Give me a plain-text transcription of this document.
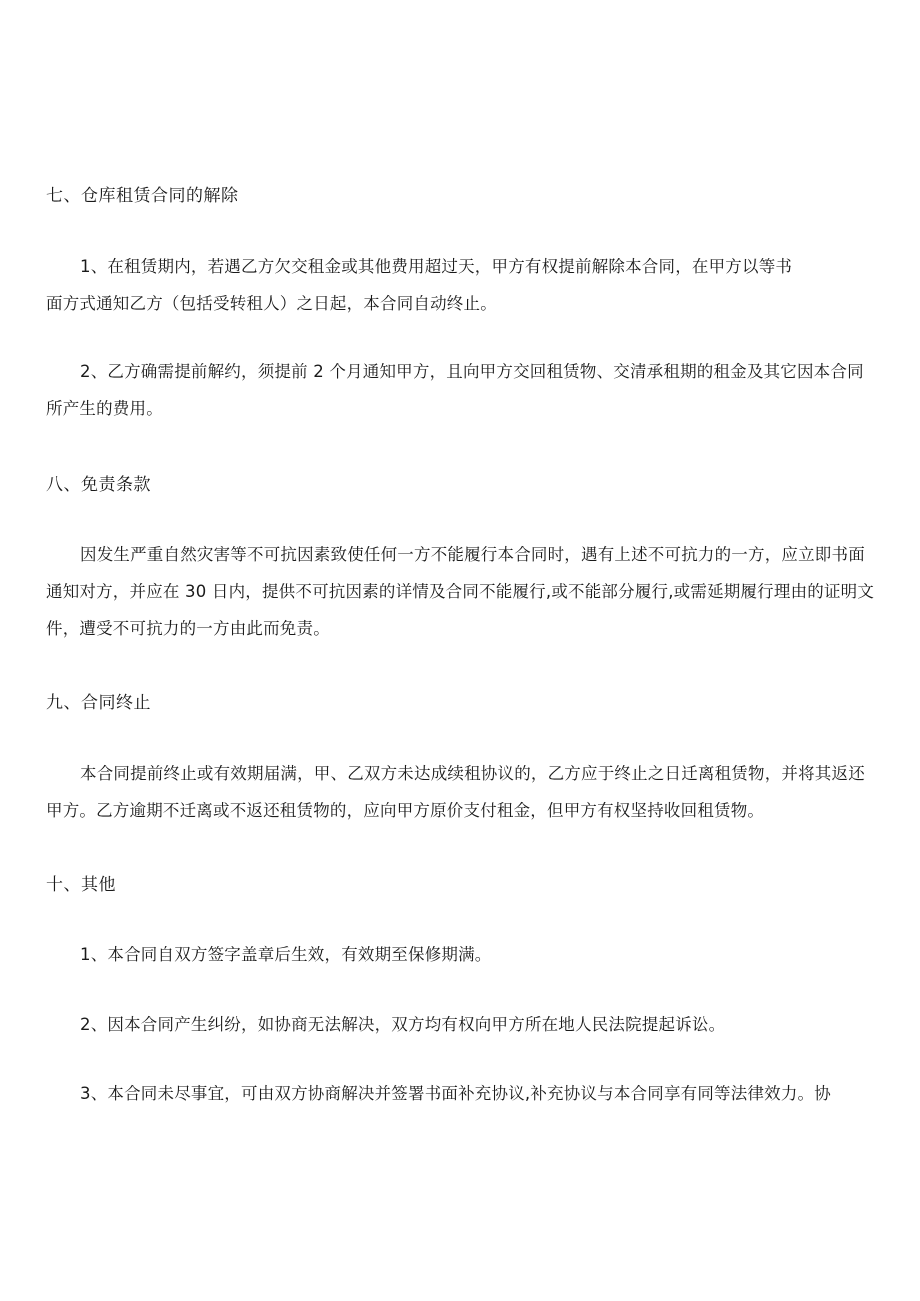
七、仓库租赁合同的解除
1、在租赁期内，若遇乙方欠交租金或其他费用超过天，甲方有权提前解除本合同，在甲方以等书
面方式通知乙方（包括受转租人）之日起，本合同自动终止。
2、乙方确需提前解约，须提前 2 个月通知甲方，且向甲方交回租赁物、交清承租期的租金及其它因本合同
所产生的费用。
八、免责条款
因发生严重自然灾害等不可抗因素致使任何一方不能履行本合同时，遇有上述不可抗力的一方，应立即书面
通知对方，并应在 30 日内，提供不可抗因素的详情及合同不能履行,或不能部分履行,或需延期履行理由的证明文
件，遭受不可抗力的一方由此而免责。
九、合同终止
本合同提前终止或有效期届满，甲、乙双方未达成续租协议的，乙方应于终止之日迁离租赁物，并将其返还
甲方。乙方逾期不迁离或不返还租赁物的，应向甲方原价支付租金，但甲方有权坚持收回租赁物。
十、其他
1、本合同自双方签字盖章后生效，有效期至保修期满。
2、因本合同产生纠纷，如协商无法解决，双方均有权向甲方所在地人民法院提起诉讼。
3、本合同未尽事宜，可由双方协商解决并签署书面补充协议,补充协议与本合同享有同等法律效力。协
